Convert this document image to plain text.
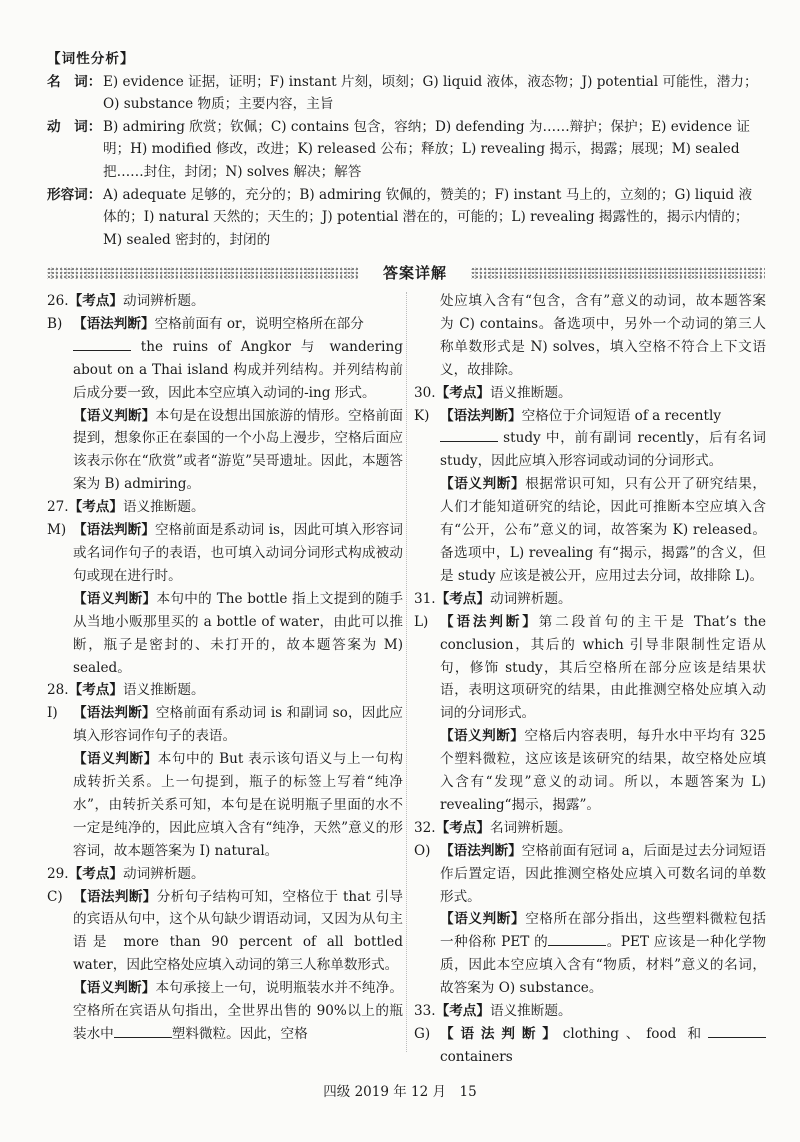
【词性分析】
名　词： E) evidence 证据，证明；F) instant 片刻，顷刻；G) liquid 液体，液态物；J) potential 可能性，潜力；O) substance 物质；主要内容，主旨
动　词： B) admiring 欣赏；钦佩；C) contains 包含，容纳；D) defending 为……辩护；保护；E) evidence 证明；H) modified 修改，改进；K) released 公布；释放；L) revealing 揭示，揭露；展现；M) sealed 把……封住，封闭；N) solves 解决；解答
形容词： A) adequate 足够的，充分的；B) admiring 钦佩的，赞美的；F) instant 马上的，立刻的；G) liquid 液体的；I) natural 天然的；天生的；J) potential 潜在的，可能的；L) revealing 揭露性的，揭示内情的；M) sealed 密封的，封闭的
答案详解
26.【考点】动词辨析题。
B) 【语法判断】空格前面有 or，说明空格所在部分
the ruins of Angkor 与 wandering about on a Thai island 构成并列结构。并列结构前后成分要一致，因此本空应填入动词的-ing 形式。
【语义判断】本句是在设想出国旅游的情形。空格前面提到，想象你正在泰国的一个小岛上漫步，空格后面应该表示你在“欣赏”或者“游览”吴哥遗址。因此，本题答案为 B) admiring。
27.【考点】语义推断题。
M) 【语法判断】空格前面是系动词 is，因此可填入形容词或名词作句子的表语，也可填入动词分词形式构成被动句或现在进行时。
【语义判断】本句中的 The bottle 指上文提到的随手从当地小贩那里买的 a bottle of water，由此可以推断，瓶子是密封的、未打开的，故本题答案为 M) sealed。
28.【考点】语义推断题。
I)	【语法判断】空格前面有系动词 is 和副词 so，因此应填入形容词作句子的表语。
【语义判断】本句中的 But 表示该句语义与上一句构成转折关系。上一句提到，瓶子的标签上写着“纯净水”，由转折关系可知，本句是在说明瓶子里面的水不一定是纯净的，因此应填入含有“纯净，天然”意义的形容词，故本题答案为 I) natural。
29.【考点】动词辨析题。
C) 【语法判断】分析句子结构可知，空格位于 that 引导的宾语从句中，这个从句缺少谓语动词，又因为从句主语是 more than 90 percent of all bottled water，因此空格处应填入动词的第三人称单数形式。
【语义判断】本句承接上一句，说明瓶装水并不纯净。空格所在宾语从句指出，全世界出售的 90%以上的瓶装水中	塑料微粒。因此，空格
处应填入含有“包含，含有”意义的动词，故本题答案为 C) contains。备选项中，另外一个动词的第三人称单数形式是 N) solves，填入空格不符合上下文语义，故排除。
30.【考点】语义推断题。
K) 【语法判断】空格位于介词短语 of a recently
study 中，前有副词 recently，后有名词 study，因此应填入形容词或动词的分词形式。
【语义判断】根据常识可知，只有公开了研究结果，人们才能知道研究的结论，因此可推断本空应填入含有“公开，公布”意义的词，故答案为 K) released。备选项中，L) revealing 有“揭示，揭露”的含义，但是 study 应该是被公开，应用过去分词，故排除 L)。
31.【考点】动词辨析题。
L) 【语法判断】第二段首句的主干是 That’s the conclusion，其后的 which 引导非限制性定语从句，修饰 study，其后空格所在部分应该是结果状语，表明这项研究的结果，由此推测空格处应填入动词的分词形式。
【语义判断】空格后内容表明，每升水中平均有 325 个塑料微粒，这应该是该研究的结果，故空格处应填入含有“发现”意义的动词。所以，本题答案为 L) revealing“揭示，揭露”。
32.【考点】名词辨析题。
O) 【语法判断】空格前面有冠词 a，后面是过去分词短语作后置定语，因此推测空格处应填入可数名词的单数形式。
【语义判断】空格所在部分指出，这些塑料微粒包括一种俗称 PET 的	。PET 应该是一种化学物质，因此本空应填入含有“物质，材料”意义的名词，故答案为 O) substance。
33.【考点】语义推断题。
G) 【语法判断】clothing、food 和 containers
四级 2019 年 12 月　15
